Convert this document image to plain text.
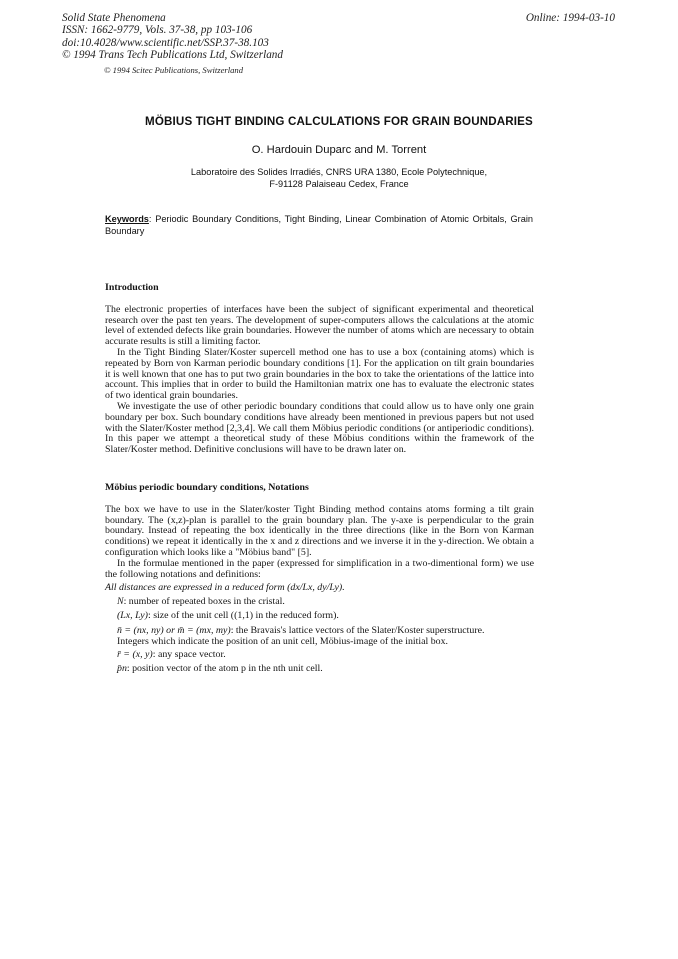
Solid State Phenomena
ISSN: 1662-9779, Vols. 37-38, pp 103-106
doi:10.4028/www.scientific.net/SSP.37-38.103
© 1994 Trans Tech Publications Ltd, Switzerland
Online: 1994-03-10
© 1994 Scitec Publications, Switzerland
MÖBIUS TIGHT BINDING CALCULATIONS FOR GRAIN BOUNDARIES
O. Hardouin Duparc and M. Torrent
Laboratoire des Solides Irradiés, CNRS URA 1380, Ecole Polytechnique,
F-91128 Palaiseau Cedex, France
Keywords: Periodic Boundary Conditions, Tight Binding, Linear Combination of Atomic Orbitals, Grain Boundary
Introduction

The electronic properties of interfaces have been the subject of significant experimental and theoretical research over the past ten years. The development of super-computers allows the calculations at the atomic level of extended defects like grain boundaries. However the number of atoms which are necessary to obtain accurate results is still a limiting factor.

In the Tight Binding Slater/Koster supercell method one has to use a box (containing atoms) which is repeated by Born von Karman periodic boundary conditions [1]. For the application on tilt grain boundaries it is well known that one has to put two grain boundaries in the box to take the orientations of the lattice into account. This implies that in order to build the Hamiltonian matrix one has to evaluate the electronic states of two identical grain boundaries.

We investigate the use of other periodic boundary conditions that could allow us to have only one grain boundary per box. Such boundary conditions have already been mentioned in previous papers but not used with the Slater/Koster method [2,3,4]. We call them Möbius periodic conditions (or antiperiodic conditions). In this paper we attempt a theoretical study of these Möbius conditions within the framework of the Slater/Koster method. Definitive conclusions will have to be drawn later on.

Möbius periodic boundary conditions, Notations

The box we have to use in the Slater/koster Tight Binding method contains atoms forming a tilt grain boundary. The (x,z)-plan is parallel to the grain boundary plan. The y-axe is perpendicular to the grain boundary. Instead of repeating the box identically in the three directions (like in the Born von Karman conditions) we repeat it identically in the x and z directions and we inverse it in the y-direction. We obtain a configuration which looks like a "Möbius band" [5].

In the formulae mentioned in the paper (expressed for simplification in a two-dimentional form) we use the following notations and definitions:

All distances are expressed in a reduced form (dx/Lx, dy/Ly).

N: number of repeated boxes in the cristal.
(Lx, Ly): size of the unit cell ((1,1) in the reduced form).
n̄ = (nx, ny) or m̄ = (mx, my): the Bravais's lattice vectors of the Slater/Koster superstructure.
Integers which indicate the position of an unit cell, Möbius-image of the initial box.
r̄ = (x, y): any space vector.
p̄n: position vector of the atom p in the nth unit cell.
